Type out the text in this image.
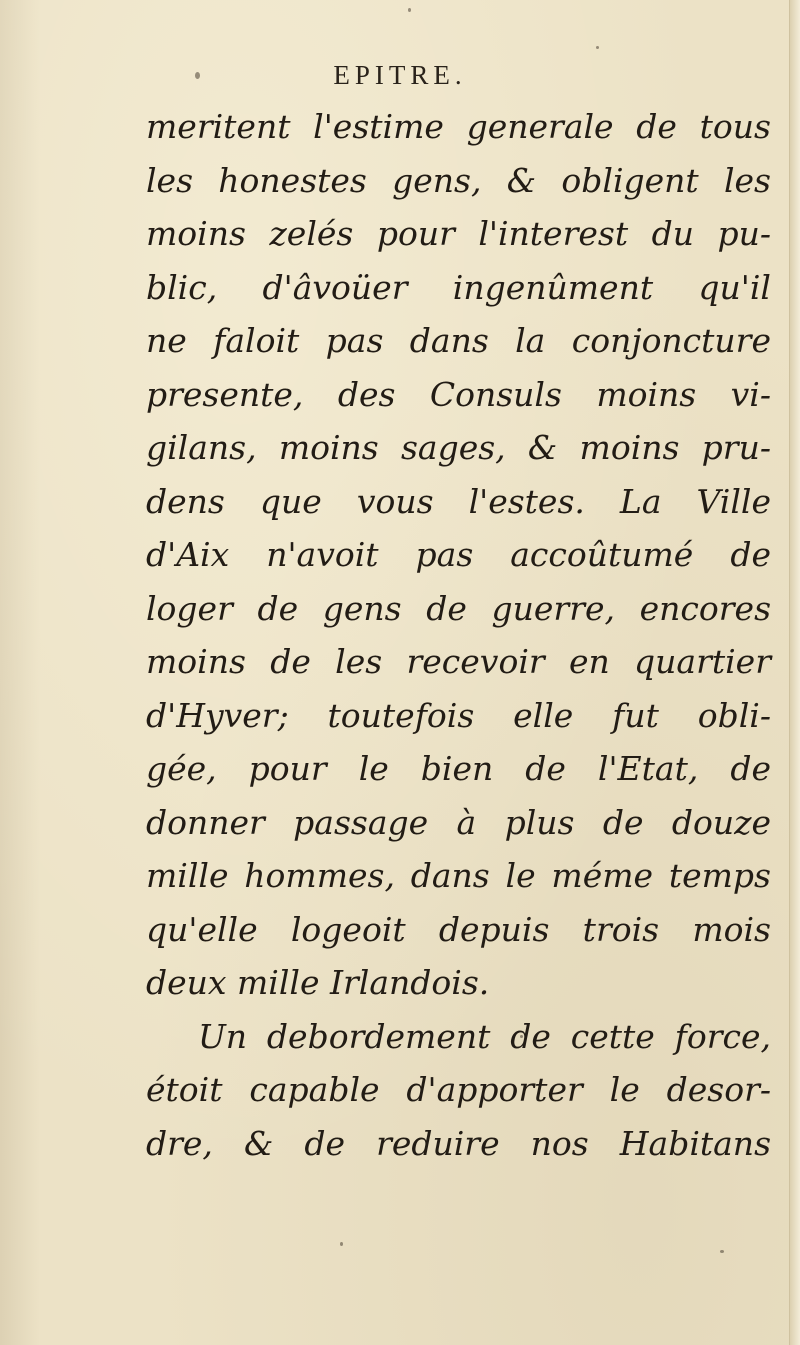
EPITRE.
meritent l'estime generale de tous
les honestes gens, & obligent les
moins zelés pour l'interest du pu-
blic, d'âvoüer ingenûment qu'il
ne faloit pas dans la conjoncture
presente, des Consuls moins vi-
gilans, moins sages, & moins pru-
dens que vous l'estes. La Ville
d'Aix n'avoit pas accoûtumé de
loger de gens de guerre, encores
moins de les recevoir en quartier
d'Hyver; toutefois elle fut obli-
gée, pour le bien de l'Etat, de
donner passage à plus de douze
mille hommes, dans le méme temps
qu'elle logeoit depuis trois mois
deux mille Irlandois.
Un debordement de cette force,
étoit capable d'apporter le desor-
dre, & de reduire nos Habitans
